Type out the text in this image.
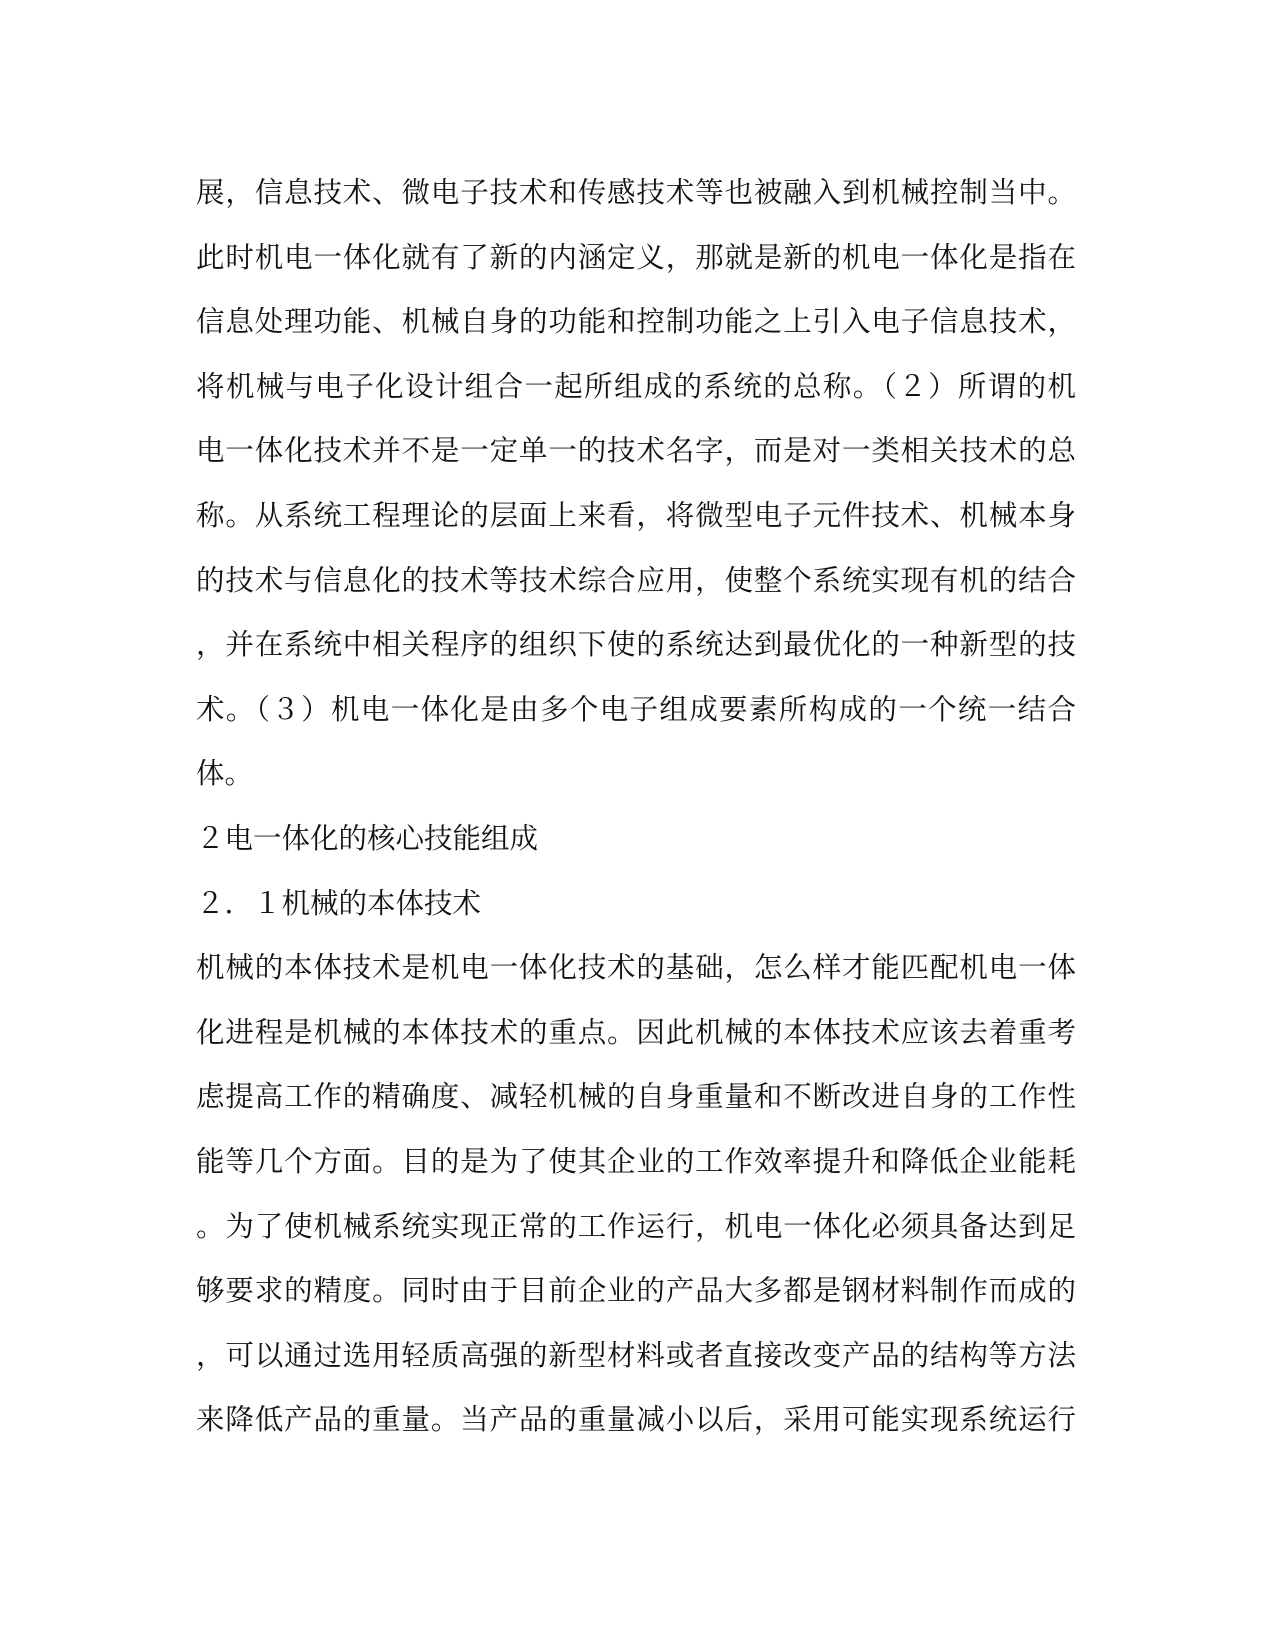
展，信息技术、微电子技术和传感技术等也被融入到机械控制当中。
此时机电一体化就有了新的内涵定义，那就是新的机电一体化是指在
信息处理功能、机械自身的功能和控制功能之上引入电子信息技术，
将机械与电子化设计组合一起所组成的系统的总称。（２）所谓的机
电一体化技术并不是一定单一的技术名字，而是对一类相关技术的总
称。从系统工程理论的层面上来看，将微型电子元件技术、机械本身
的技术与信息化的技术等技术综合应用，使整个系统实现有机的结合
，并在系统中相关程序的组织下使的系统达到最优化的一种新型的技
术。（３）机电一体化是由多个电子组成要素所构成的一个统一结合
体。
２电一体化的核心技能组成
２．１机械的本体技术
机械的本体技术是机电一体化技术的基础，怎么样才能匹配机电一体
化进程是机械的本体技术的重点。因此机械的本体技术应该去着重考
虑提高工作的精确度、减轻机械的自身重量和不断改进自身的工作性
能等几个方面。目的是为了使其企业的工作效率提升和降低企业能耗
。为了使机械系统实现正常的工作运行，机电一体化必须具备达到足
够要求的精度。同时由于目前企业的产品大多都是钢材料制作而成的
，可以通过选用轻质高强的新型材料或者直接改变产品的结构等方法
来降低产品的重量。当产品的重量减小以后，采用可能实现系统运行
